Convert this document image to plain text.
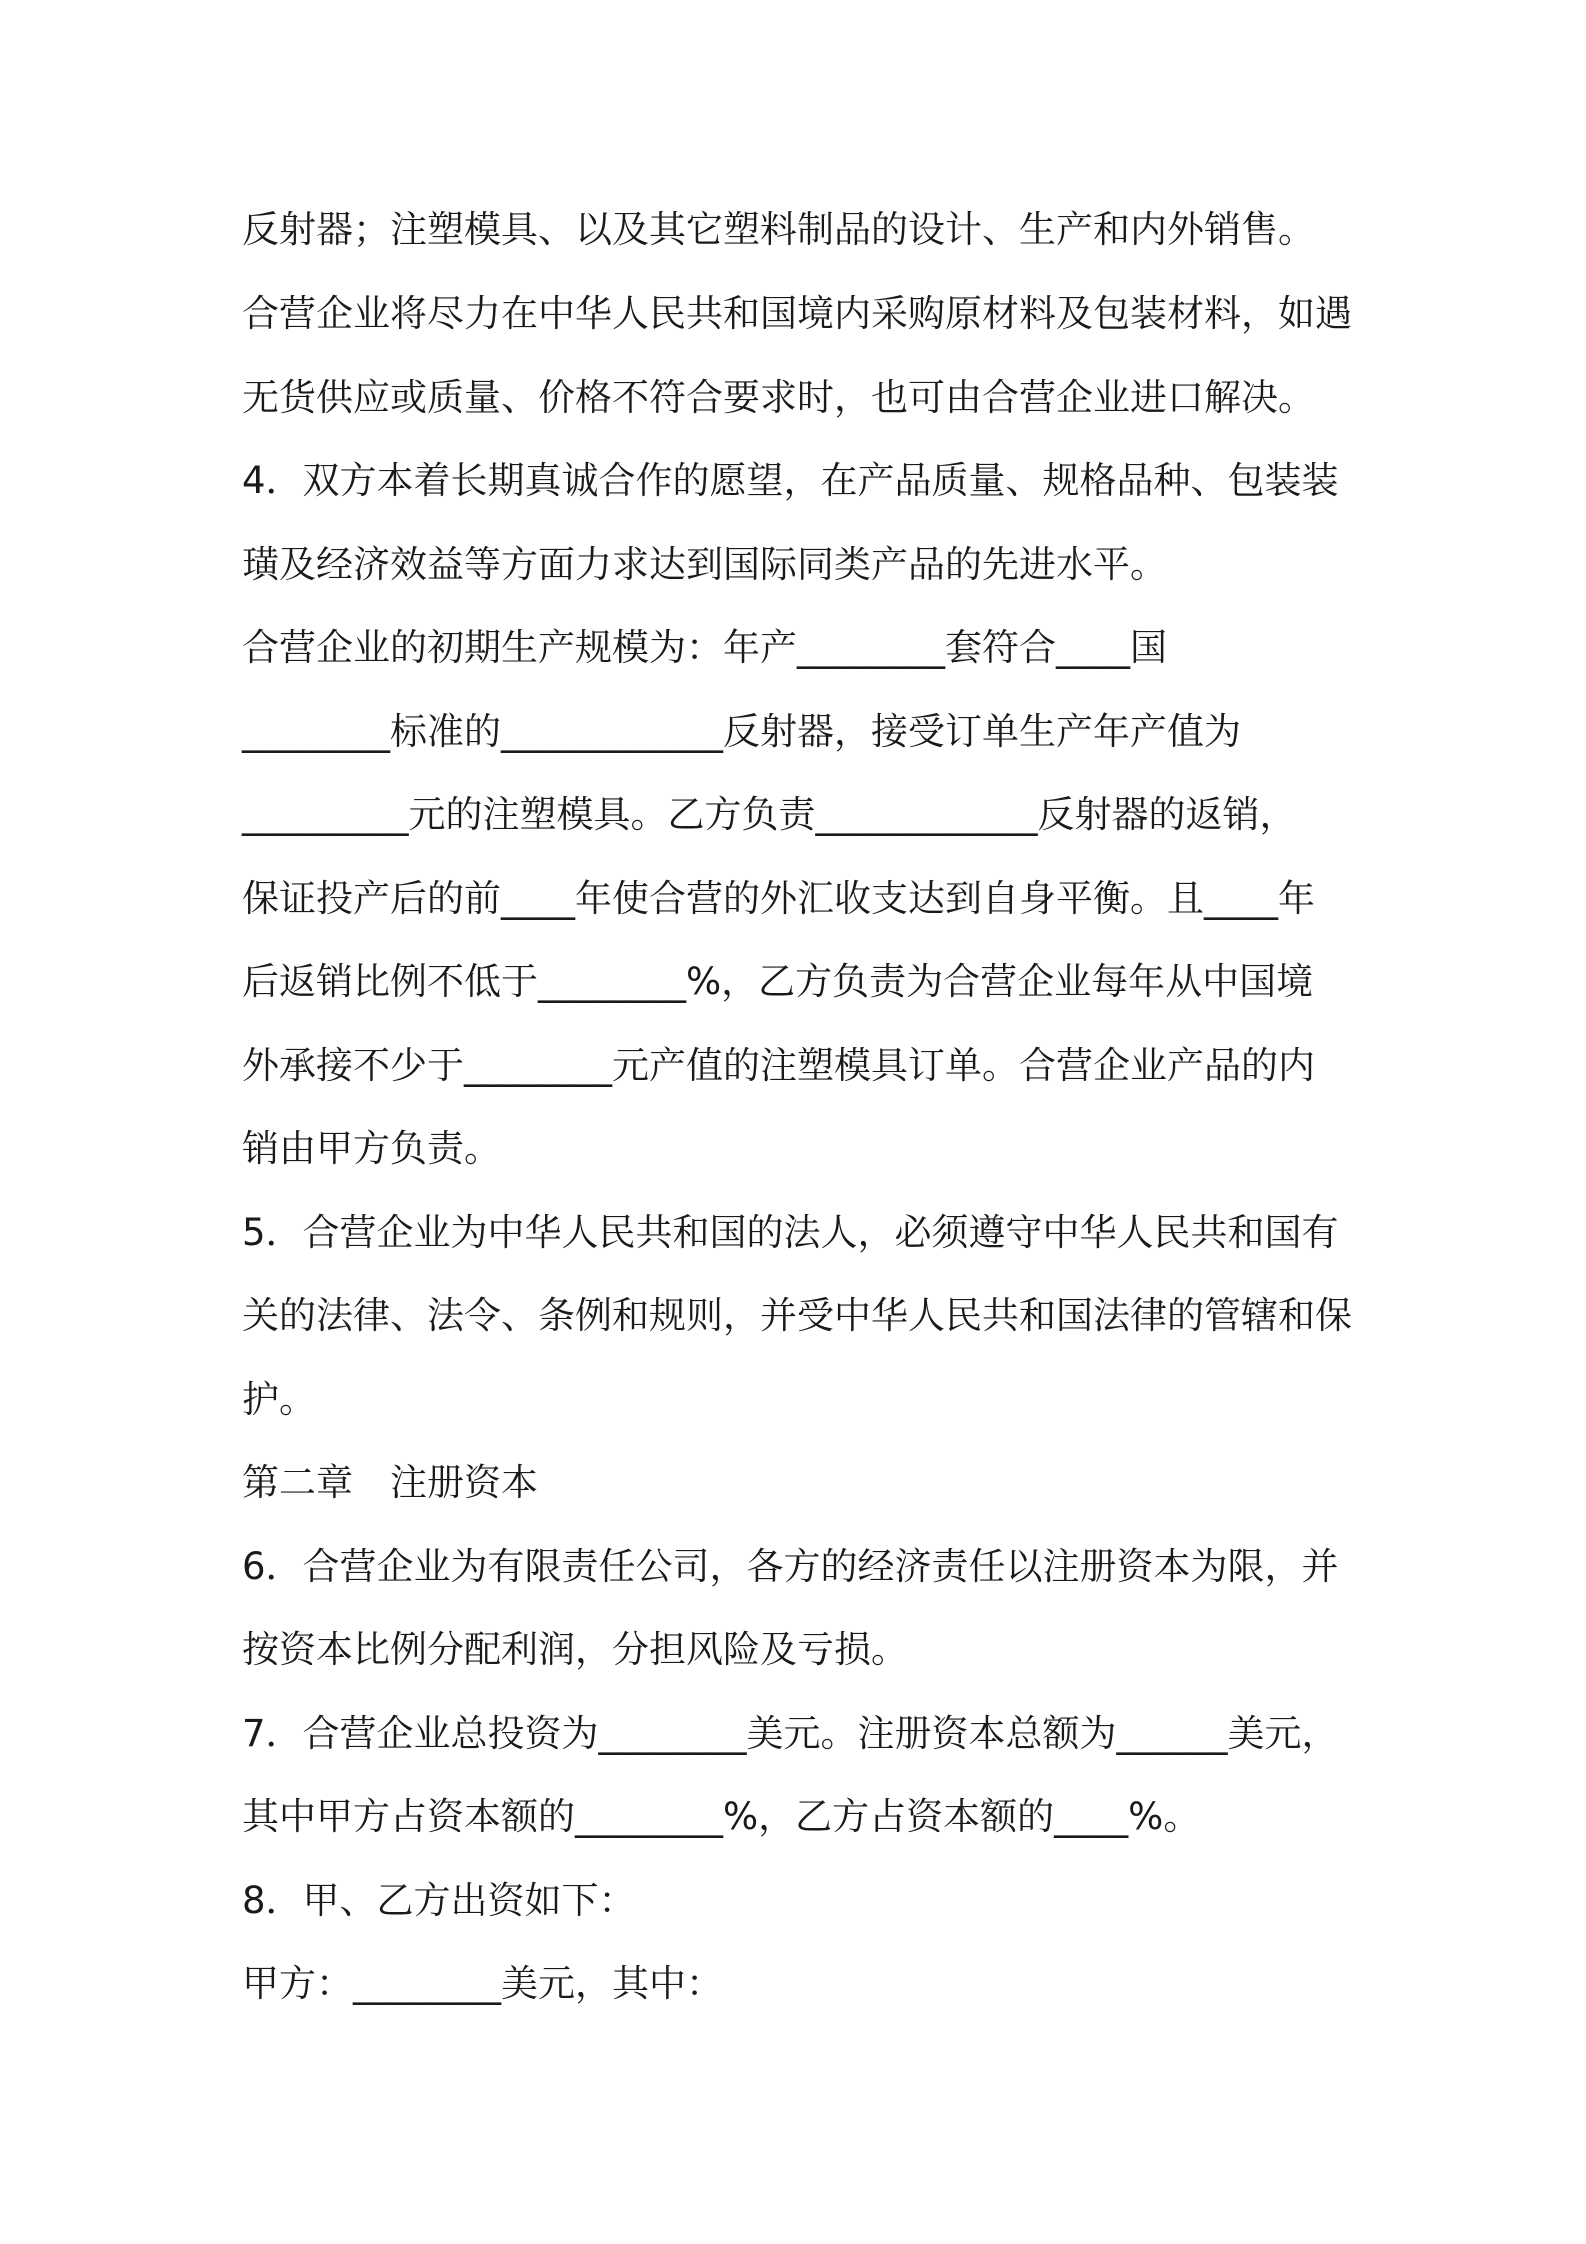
反射器；注塑模具、以及其它塑料制品的设计、生产和内外销售。
合营企业将尽力在中华人民共和国境内采购原材料及包装材料，如遇
无货供应或质量、价格不符合要求时，也可由合营企业进口解决。
4．双方本着长期真诚合作的愿望，在产品质量、规格品种、包装装
璜及经济效益等方面力求达到国际同类产品的先进水平。
合营企业的初期生产规模为：年产________套符合____国
________标准的____________反射器，接受订单生产年产值为
_________元的注塑模具。乙方负责____________反射器的返销，
保证投产后的前____年使合营的外汇收支达到自身平衡。且____年
后返销比例不低于________%，乙方负责为合营企业每年从中国境
外承接不少于________元产值的注塑模具订单。合营企业产品的内
销由甲方负责。
5．合营企业为中华人民共和国的法人，必须遵守中华人民共和国有
关的法律、法令、条例和规则，并受中华人民共和国法律的管辖和保
护。
第二章　注册资本
6．合营企业为有限责任公司，各方的经济责任以注册资本为限，并
按资本比例分配利润，分担风险及亏损。
7．合营企业总投资为________美元。注册资本总额为______美元，
其中甲方占资本额的________%，乙方占资本额的____%。
8．甲、乙方出资如下：
甲方：________美元，其中：
